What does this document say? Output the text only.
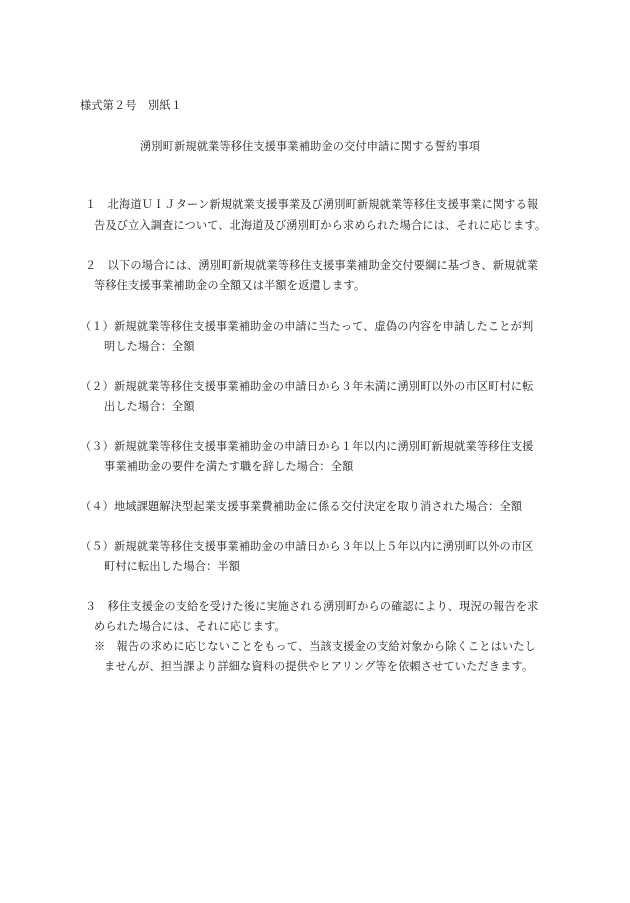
様式第２号　別紙１
湧別町新規就業等移住支援事業補助金の交付申請に関する誓約事項
１　北海道ＵＩＪターン新規就業支援事業及び湧別町新規就業等移住支援事業に関する報
告及び立入調査について、北海道及び湧別町から求められた場合には、それに応じます。
２　以下の場合には、湧別町新規就業等移住支援事業補助金交付要綱に基づき、新規就業
等移住支援事業補助金の全額又は半額を返還します。
（１）新規就業等移住支援事業補助金の申請に当たって、虚偽の内容を申請したことが判
明した場合：全額
（２）新規就業等移住支援事業補助金の申請日から３年未満に湧別町以外の市区町村に転
出した場合：全額
（３）新規就業等移住支援事業補助金の申請日から１年以内に湧別町新規就業等移住支援
事業補助金の要件を満たす職を辞した場合：全額
（４）地域課題解決型起業支援事業費補助金に係る交付決定を取り消された場合：全額
（５）新規就業等移住支援事業補助金の申請日から３年以上５年以内に湧別町以外の市区
町村に転出した場合：半額
３　移住支援金の支給を受けた後に実施される湧別町からの確認により、現況の報告を求
められた場合には、それに応じます。
※　報告の求めに応じないことをもって、当該支援金の支給対象から除くことはいたし
ませんが、担当課より詳細な資料の提供やヒアリング等を依頼させていただきます。
